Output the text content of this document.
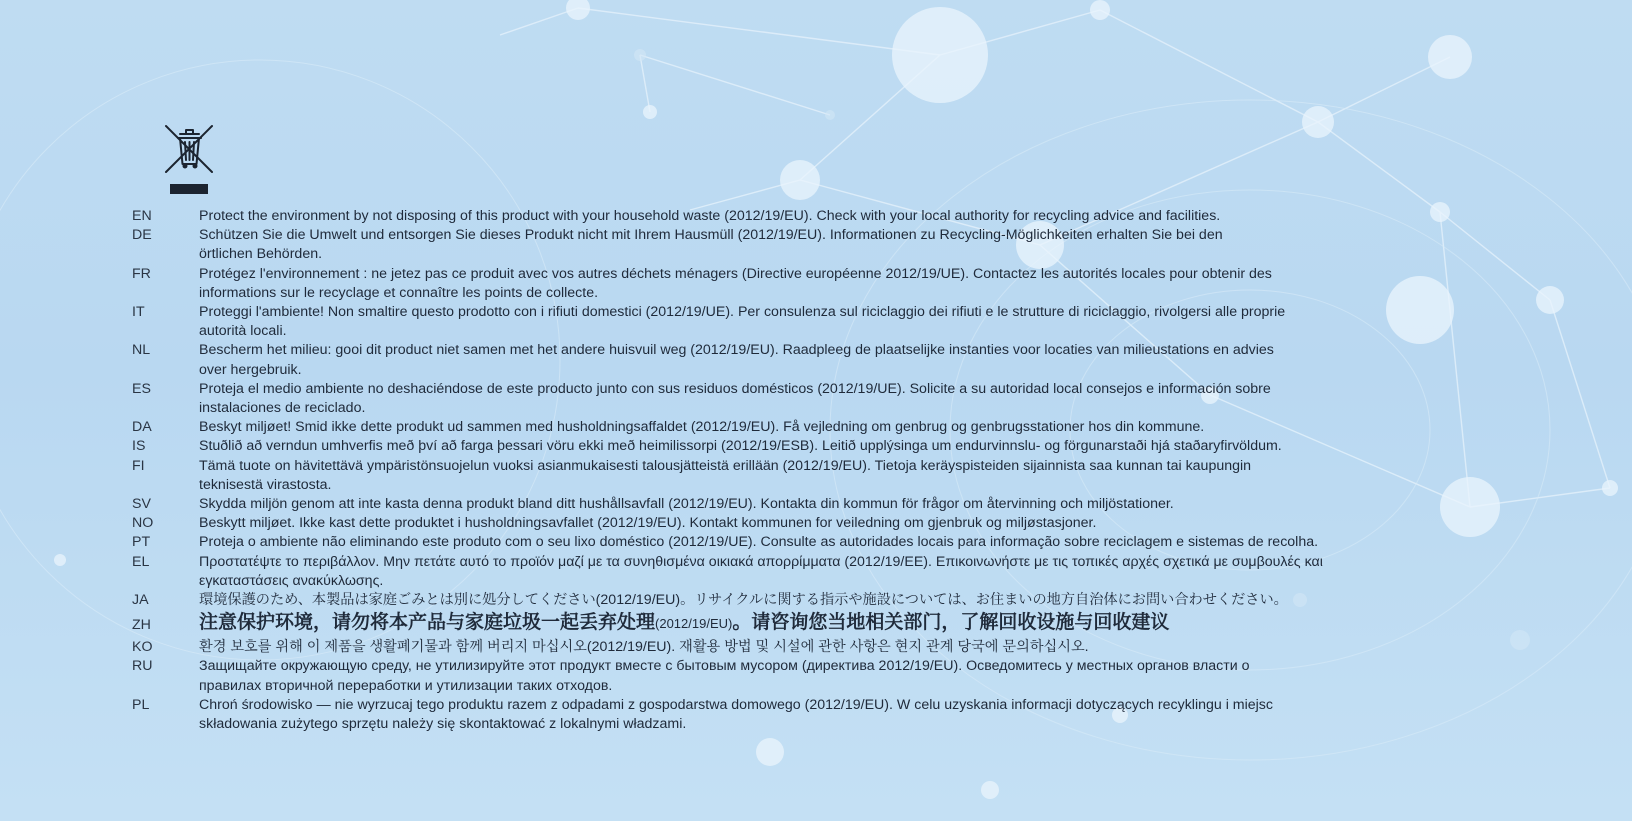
EN	Protect the environment by not disposing of this product with your household waste (2012/19/EU). Check with your local authority for recycling advice and facilities.
DE	Schützen Sie die Umwelt und entsorgen Sie dieses Produkt nicht mit Ihrem Hausmüll (2012/19/EU). Informationen zu Recycling-Möglichkeiten erhalten Sie bei den
örtlichen Behörden.
FR	Protégez l'environnement : ne jetez pas ce produit avec vos autres déchets ménagers (Directive européenne 2012/19/UE). Contactez les autorités locales pour obtenir des
informations sur le recyclage et connaître les points de collecte.
IT	Proteggi l'ambiente! Non smaltire questo prodotto con i rifiuti domestici (2012/19/UE). Per consulenza sul riciclaggio dei rifiuti e le strutture di riciclaggio, rivolgersi alle proprie
autorità locali.
NL	Bescherm het milieu: gooi dit product niet samen met het andere huisvuil weg (2012/19/EU). Raadpleeg de plaatselijke instanties voor locaties van milieustations en advies
over hergebruik.
ES	Proteja el medio ambiente no deshaciéndose de este producto junto con sus residuos domésticos (2012/19/UE). Solicite a su autoridad local consejos e información sobre
instalaciones de reciclado.
DA	Beskyt miljøet! Smid ikke dette produkt ud sammen med husholdningsaffaldet (2012/19/EU). Få vejledning om genbrug og genbrugsstationer hos din kommune.
IS	Stuðlið að verndun umhverfis með því að farga þessari vöru ekki með heimilissorpi (2012/19/ESB). Leitið upplýsinga um endurvinnslu- og förgunarstaði hjá staðaryfirvöldum.
FI	Tämä tuote on hävitettävä ympäristönsuojelun vuoksi asianmukaisesti talousjätteistä erillään (2012/19/EU). Tietoja keräyspisteiden sijainnista saa kunnan tai kaupungin
teknisestä virastosta.
SV	Skydda miljön genom att inte kasta denna produkt bland ditt hushållsavfall (2012/19/EU). Kontakta din kommun för frågor om återvinning och miljöstationer.
NO	Beskytt miljøet. Ikke kast dette produktet i husholdningsavfallet (2012/19/EU). Kontakt kommunen for veiledning om gjenbruk og miljøstasjoner.
PT	Proteja o ambiente não eliminando este produto com o seu lixo doméstico (2012/19/UE). Consulte as autoridades locais para informação sobre reciclagem e sistemas de recolha.
EL	Προστατέψτε το περιβάλλον. Μην πετάτε αυτό το προϊόν μαζί με τα συνηθισμένα οικιακά απορρίμματα (2012/19/ΕΕ). Επικοινωνήστε με τις τοπικές αρχές σχετικά με συμβουλές και
εγκαταστάσεις ανακύκλωσης.
JA	環境保護のため、本製品は家庭ごみとは別に処分してください(2012/19/EU)。リサイクルに関する指示や施設については、お住まいの地方自治体にお問い合わせください。
ZH	注意保护环境，请勿将本产品与家庭垃圾一起丢弃处理(2012/19/EU)。请咨询您当地相关部门，了解回收设施与回收建议
KO	환경 보호를 위해 이 제품을 생활폐기물과 함께 버리지 마십시오(2012/19/EU). 재활용 방법 및 시설에 관한 사항은 현지 관계 당국에 문의하십시오.
RU	Защищайте окружающую среду, не утилизируйте этот продукт вместе с бытовым мусором (директива 2012/19/EU). Осведомитесь у местных органов власти о
правилах вторичной переработки и утилизации таких отходов.
PL	Chroń środowisko — nie wyrzucaj tego produktu razem z odpadami z gospodarstwa domowego (2012/19/EU). W celu uzyskania informacji dotyczących recyklingu i miejsc
składowania zużytego sprzętu należy się skontaktować z lokalnymi władzami.
